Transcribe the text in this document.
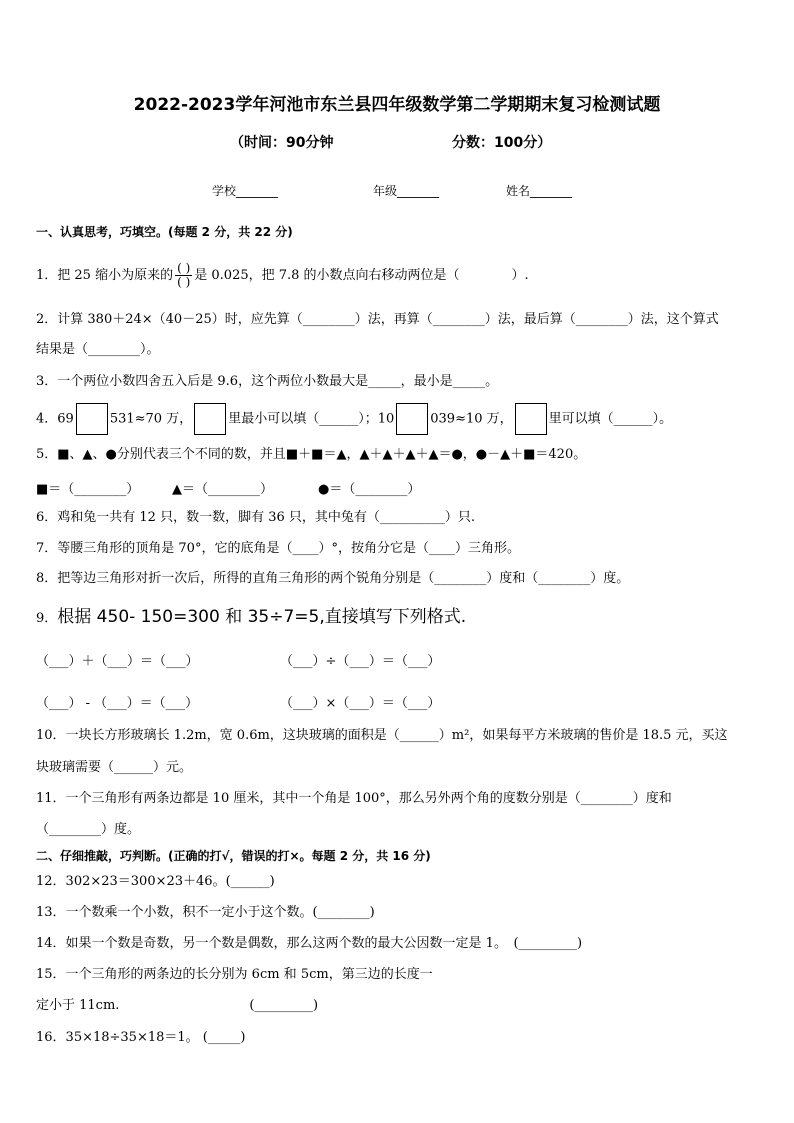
2022-2023学年河池市东兰县四年级数学第二学期期末复习检测试题
（时间：90分钟	分数：100分）
学校_______	年级_______	姓名_______
一、认真思考，巧填空。(每题 2 分，共 22 分)
1．把 25 缩小为原来的 $\frac{( )}{( )}$ 是 0.025，把 7.8 的小数点向右移动两位是（　　　　）.
2．计算 380＋24×（40－25）时，应先算（________）法，再算（________）法，最后算（________）法，这个算式
结果是（________）。
3．一个两位小数四舍五入后是 9.6，这个两位小数最大是_____，最小是_____。
4．69	531≈70 万，	里最小可以填（______）；10	039≈10 万，	里可以填（______）。
5．■、▲、●分别代表三个不同的数，并且■＋■＝▲，▲＋▲＋▲＋▲＝●，●－▲＋■＝420。
■＝（________）	▲＝（________）	●＝（________）
6．鸡和兔一共有 12 只，数一数，脚有 36 只，其中兔有（__________）只.
7．等腰三角形的顶角是 70°，它的底角是（____）°，按角分它是（____）三角形。
8．把等边三角形对折一次后，所得的直角三角形的两个锐角分别是（________）度和（________）度。
9．根据 450- 150=300 和 35÷7=5,直接填写下列格式.
（___）＋（___）＝（___）	（___）÷（___）＝（___）
（___） - （___）＝（___）	（___）×（___）＝（___）
10．一块长方形玻璃长 1.2m，宽 0.6m，这块玻璃的面积是（______）m²，如果每平方米玻璃的售价是 18.5 元，买这
块玻璃需要（______）元。
11．一个三角形有两条边都是 10 厘米，其中一个角是 100°，那么另外两个角的度数分别是（________）度和
（________）度。
二、仔细推敲，巧判断。(正确的打√，错误的打×。每题 2 分，共 16 分)
12．302×23＝300×23＋46。(______)
13．一个数乘一个小数，积不一定小于这个数。(________)
14．如果一个数是奇数，另一个数是偶数，那么这两个数的最大公因数一定是 1。　(_________)
15．一个三角形的两条边的长分别为 6cm 和 5cm，第三边的长度一
定小于 11cm.　　　　　　　　　　(_________)
16．35×18÷35×18＝1。 (_____)
